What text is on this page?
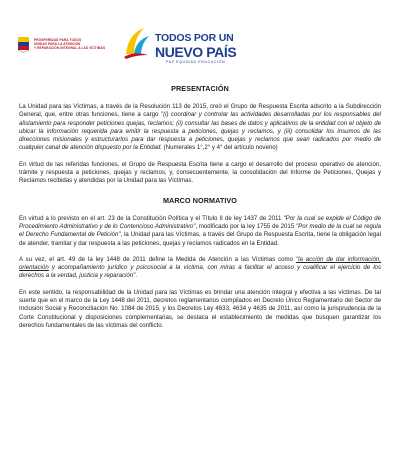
PROSPERIDAD PARA TODOS
UNIDAD PARA LA ATENCIÓN
Y REPARACIÓN INTEGRAL A LAS VÍCTIMAS
TODOS POR UN
NUEVO PAÍS
PAZ EQUIDAD EDUCACIÓN
PRESENTACIÓN

La Unidad para las Víctimas, a través de la Resolución 113 de 2015, creó el Grupo de Respuesta Escrita adscrito a la Subdirección General, que, entre otras funciones, tiene a cargo "(i) coordinar y controlar las actividades desarrolladas por los responsables del alistamiento para responder peticiones quejas, reclamos; (ii) consultar las bases de datos y aplicativos de la entidad con el objeto de ubicar la información requerida para emitir la respuesta a peticiones, quejas y reclamos, y (iii) consolidar los insumos de las direcciones misionales y estructurarlos para dar respuesta a peticiones, quejas y reclamos que sean radicados por medio de cualquier canal de atención dispuesto por la Entidad. (Numerales 1°,2° y 4° del artículo noveno)

En virtud de las referidas funciones, el Grupo de Respuesta Escrita tiene a cargo el desarrollo del proceso operativo de atención, trámite y respuesta a peticiones, quejas y reclamos, y, consecuentemente, la consolidación del Informe de Peticiones, Quejas y Reclamos recibidas y atendidas por la Unidad para las Víctimas.

MARCO NORMATIVO

En virtud a lo previsto en el art. 23 de la Constitución Política y el Título II de ley 1437 de 2011 "Por la cual se expide el Código de Procedimiento Administrativo y de lo Contencioso Administrativo", modificado por la ley 1755 de 2015 "Por medio de la cual se regula el Derecho Fundamental de Petición", la Unidad para las Víctimas, a través del Grupo de Respuesta Escrita, tiene la obligación legal de atender, tramitar y dar respuesta a las peticiones, quejas y reclamos radicados en la Entidad.

A su vez, el art. 49 de la ley 1448 de 2011 define la Medida de Atención a las Víctimas como "la acción de dar información, orientación y acompañamiento jurídico y psicosocial a la víctima, con miras a facilitar el acceso y cualificar el ejercicio de los derechos a la verdad, justicia y reparación".

En este sentido, la responsabilidad de la Unidad para las Víctimas es brindar una atención integral y efectiva a las víctimas. De tal suerte que en el marco de la Ley 1448 del 2011, decretos reglamentarios compilados en Decreto Único Reglamentario del Sector de Inclusión Social y Reconciliación No. 1084 de 2015, y los Decretos Ley 4633, 4634 y 4635 de 2011, así como la jurisprudencia de la Corte Constitucional y disposiciones complementarias, se destaca el establecimiento de medidas que busquen garantizar los derechos fundamentales de las víctimas del conflicto.
